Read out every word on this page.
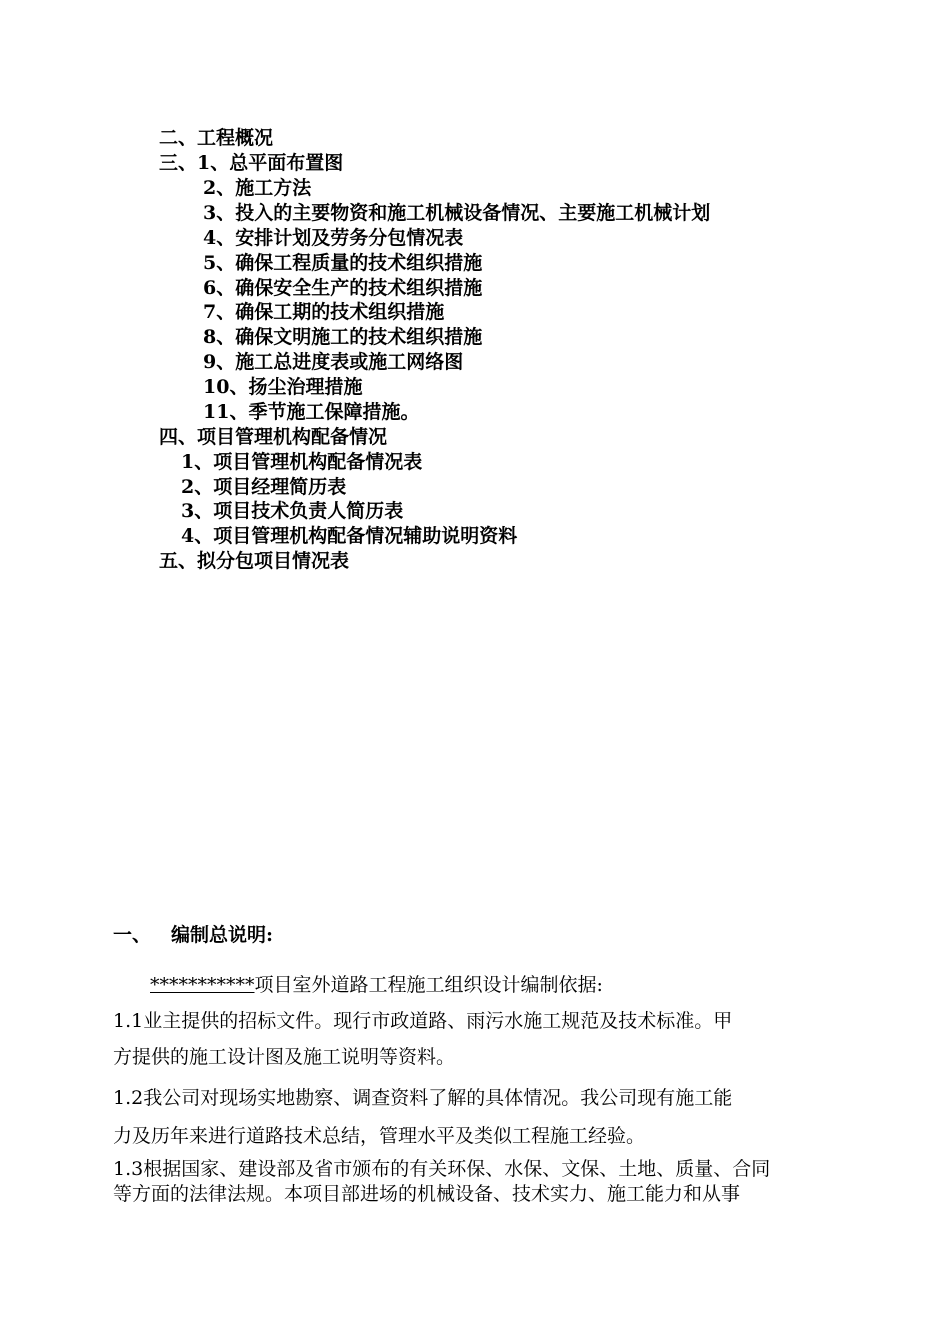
二、工程概况
三、1、总平面布置图
2、施工方法
3、投入的主要物资和施工机械设备情况、主要施工机械计划
4、安排计划及劳务分包情况表
5、确保工程质量的技术组织措施
6、确保安全生产的技术组织措施
7、确保工期的技术组织措施
8、确保文明施工的技术组织措施
9、施工总进度表或施工网络图
10、扬尘治理措施
11、季节施工保障措施。
四、项目管理机构配备情况
1、项目管理机构配备情况表
2、项目经理简历表
3、项目技术负责人简历表
4、项目管理机构配备情况辅助说明资料
五、拟分包项目情况表
一、 编制总说明:
***********项目室外道路工程施工组织设计编制依据:
1.1业主提供的招标文件。现行市政道路、雨污水施工规范及技术标准。甲
方提供的施工设计图及施工说明等资料。
1.2我公司对现场实地勘察、调查资料了解的具体情况。我公司现有施工能
力及历年来进行道路技术总结，管理水平及类似工程施工经验。
1.3根据国家、建设部及省市颁布的有关环保、水保、文保、土地、质量、合同
等方面的法律法规。本项目部进场的机械设备、技术实力、施工能力和从事
